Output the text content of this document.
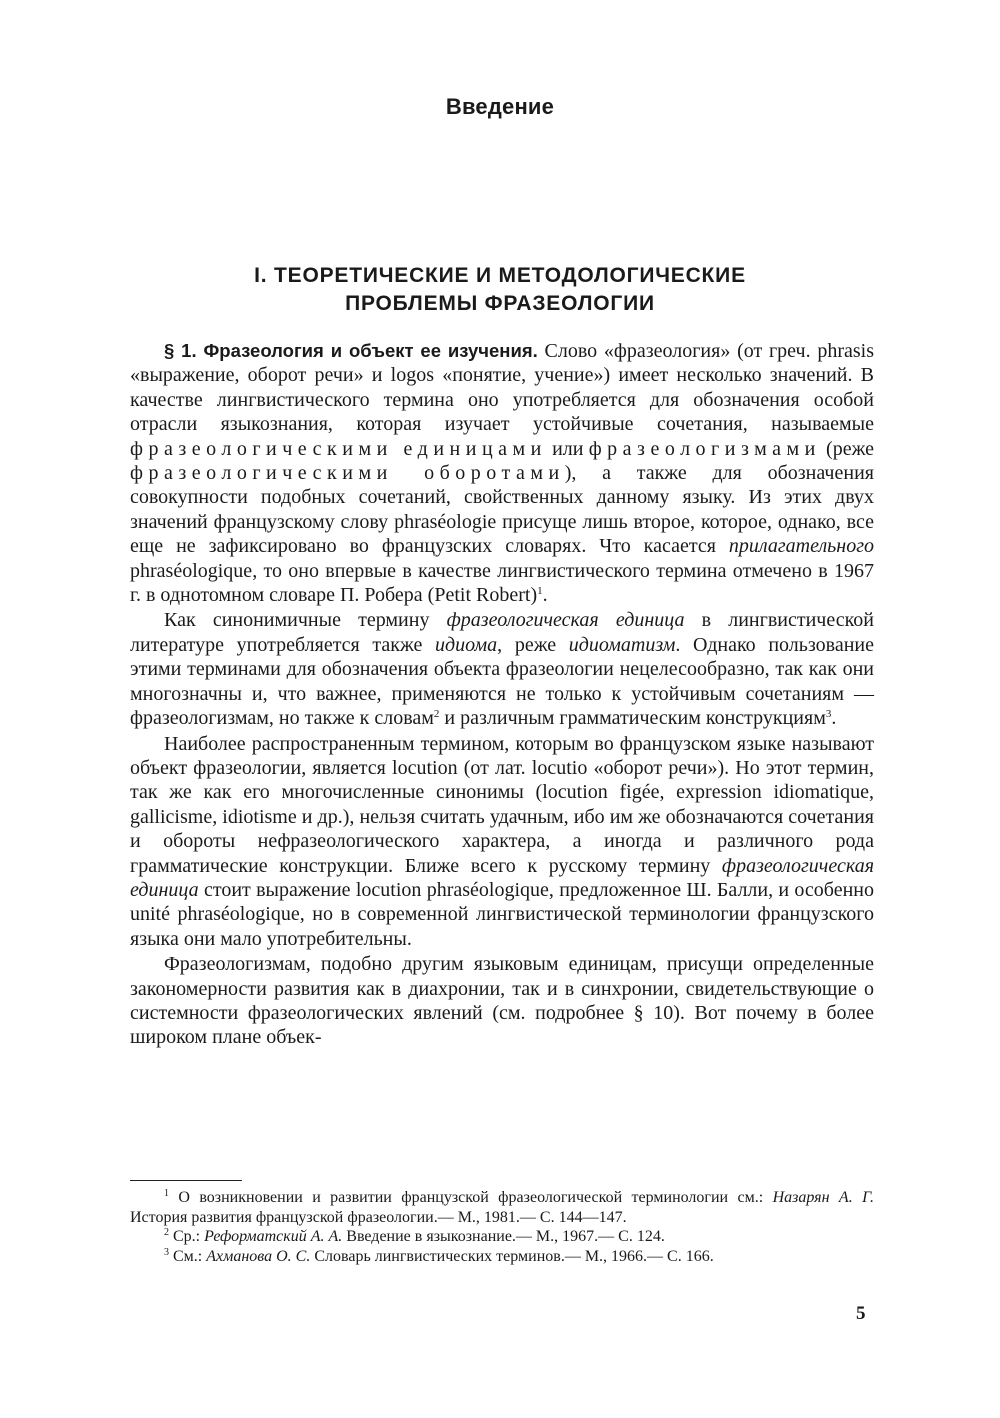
Введение
I. ТЕОРЕТИЧЕСКИЕ И МЕТОДОЛОГИЧЕСКИЕ
ПРОБЛЕМЫ ФРАЗЕОЛОГИИ

§ 1. Фразеология и объект ее изучения. Слово «фразеология» (от греч. phrasis «выражение, оборот речи» и logos «понятие, учение») имеет несколько значений. В качестве лингвистического термина оно употребляется для обозначения особой отрасли языкознания, которая изучает устойчивые сочетания, называемые фразеологическими единицами или фразеологизмами (реже фразеологическими оборотами), а также для обозначения совокупности подобных сочетаний, свойственных данному языку. Из этих двух значений французскому слову phraséologie присуще лишь второе, которое, однако, все еще не зафиксировано во французских словарях. Что касается прилагательного phraséologique, то оно впервые в качестве лингвистического термина отмечено в 1967 г. в однотомном словаре П. Робера (Petit Robert)$^1$.

Как синонимичные термину фразеологическая единица в лингвистической литературе употребляется также идиома, реже идиоматизм. Однако пользование этими терминами для обозначения объекта фразеологии нецелесообразно, так как они многозначны и, что важнее, применяются не только к устойчивым сочетаниям — фразеологизмам, но также к словам$^2$ и различным грамматическим конструкциям$^3$.

Наиболее распространенным термином, которым во французском языке называют объект фразеологии, является locution (от лат. locutio «оборот речи»). Но этот термин, так же как его многочисленные синонимы (locution figée, expression idiomatique, gallicisme, idiotisme и др.), нельзя считать удачным, ибо им же обозначаются сочетания и обороты нефразеологического характера, а иногда и различного рода грамматические конструкции. Ближе всего к русскому термину фразеологическая единица стоит выражение locution phraséologique, предложенное Ш. Балли, и особенно unité phraséologique, но в современной лингвистической терминологии французского языка они мало употребительны.

Фразеологизмам, подобно другим языковым единицам, присущи определенные закономерности развития как в диахронии, так и в синхронии, свидетельствующие о системности фразеологических явлений (см. подробнее § 10). Вот почему в более широком плане объек-

$^1$ О возникновении и развитии французской фразеологической терминологии см.: Назарян А. Г. История развития французской фразеологии.— М., 1981.— С. 144—147.

$^2$ Ср.: Реформатский А. А. Введение в языкознание.— М., 1967.— С. 124.

$^3$ См.: Ахманова О. С. Словарь лингвистических терминов.— М., 1966.— С. 166.

5
